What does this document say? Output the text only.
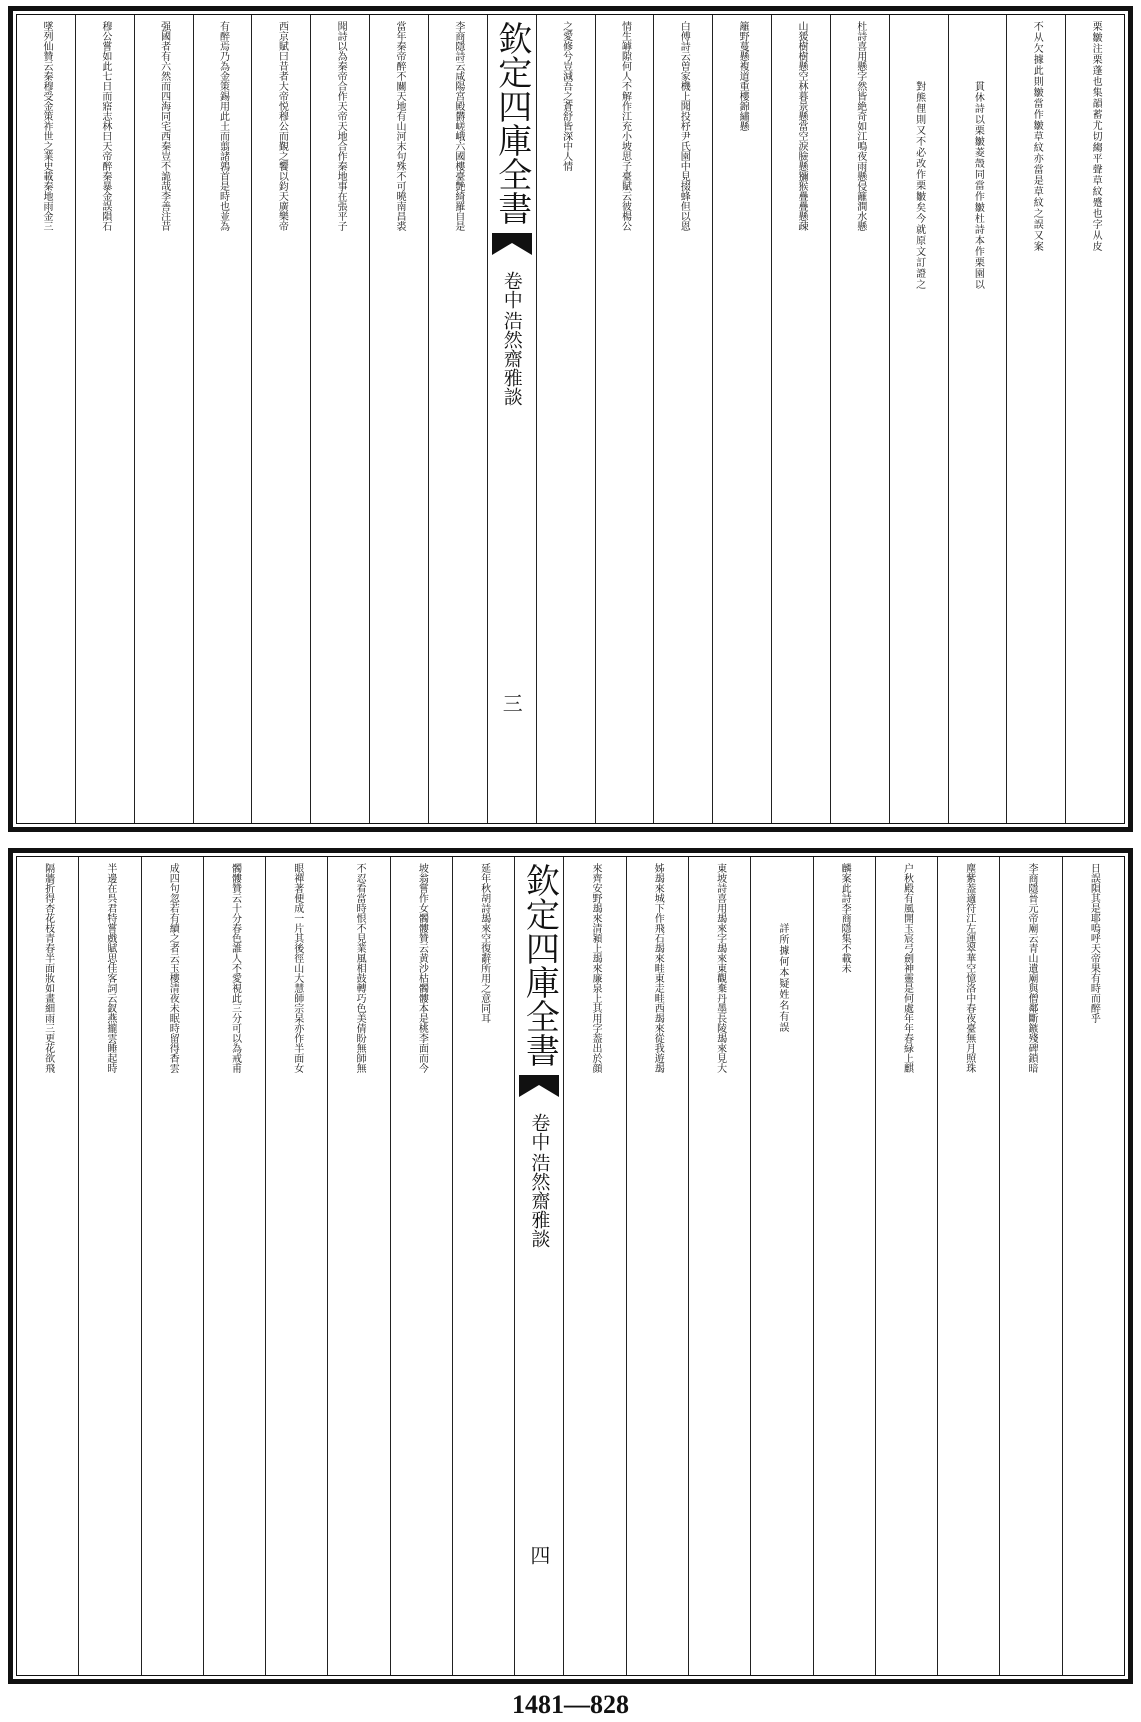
栗皺注栗蓬也集韻蓄尤切縐平聲草紋蹙也字从皮
不从欠據此則皺當作皺草紋亦當是草紋之誤又案
貫休詩以栗皺菱殼同當作皺杜詩本作栗園以
對熊俚則又不必改作栗皺矣今就原文訂證之
杜詩喜用懸字然皆絶奇如江鳴夜雨懸侵籬澗水懸
山猨樹樹懸空林暮景懸當空淚臉懸獼猴疊疊懸疎
籬野蔓懸複道重樓錦繡懸
白傅詩云曽家機上聞投杼尹氏園中見掇蜂但以恩
情生罅隙何人不解作江充小坡思子臺賦云彼楊公
之愛修兮豈減吾之蒼舒皆深中人情
欽定四庫全書
浩然齋雅談
卷中
三
李商隱詩云咸陽宮殿欝嵯峨六國樓臺艶綺羅自是
當年秦帝醉不關天地有山河末句殊不可曉南昌裘
聞詩以為秦帝合作天帝天地合作秦地事在張平子
西京賦曰昔者大帝悦穆公而覲之饗以鈞天廣樂帝
有醉焉乃為金策錫用此土而翦諸鶉首是時也並為
强國者有六然而四海同宅西秦豈不詭哉李善注昔
穆公嘗如此七日而寤志林曰天帝醉秦暴金誤隕石
墜列仙贊云秦穆受金策祚世之業史載秦地雨金三
日誤隕其是耶嗚呼天帝果有時而醉乎
李商隱晉元帝廟云青山遺廟與僧鄰斷鏃殘碑鎖暗
塵紫葢適符江左運翠華空憶洛中春夜臺無月照珠
户秋殿有風開玉宸弓劍神靈是何處年年春緑上麒
麟案此詩李商隱集不載未
詳所據何本疑姓名有誤
東坡詩喜用朅來字朅來東觀棄丹墨長陵朅來見大
姊朅來城下作飛石朅來畦東走畦西朅來從我遊朅
來齊安野朅來清潁上朅來廉泉上其用字葢出於顔
欽定四庫全書
浩然齋雅談
卷中
四
延年秋胡詩朅來空復辭所用之意同耳
坡翁嘗作女髑髏贊云黄沙枯髑髏本是桃李面而今
不忍看當時恨不見業風相鼓轉巧色美倩盼無師無
眼禪著便成一片其後徑山大慧師宗杲亦作半面女
髑髏贊云十分春色誰人不愛視此三分可以為戒甫
成四句忽若有續之者云玉樓清夜未眠時留得香雲
半邊在呉君特嘗戲賦思佳客詞云釵燕攏雲睡起時
隔牆折得杏花枝青春半面妝如畫細雨三更花欲飛
1481—828
